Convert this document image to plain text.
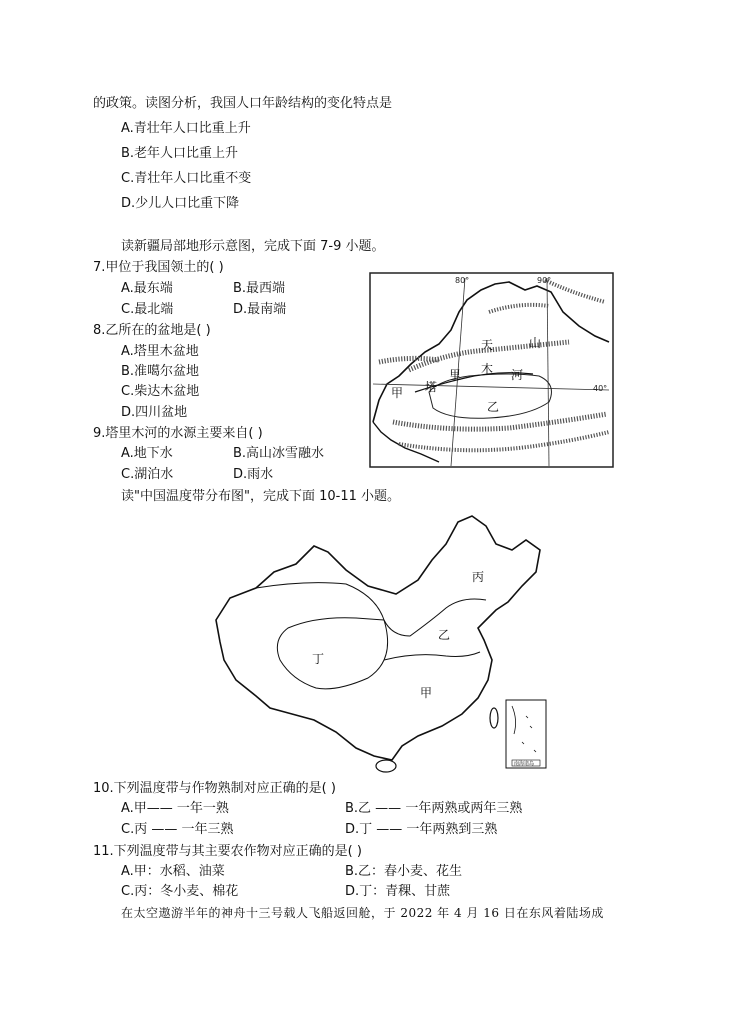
的政策。读图分析，我国人口年龄结构的变化特点是
A.青壮年人口比重上升
B.老年人口比重上升
C.青壮年人口比重不变
D.少儿人口比重下降
读新疆局部地形示意图，完成下面 7-9 小题。
7.甲位于我国领土的( )
A.最东端	B.最西端
C.最北端	D.最南端
8.乙所在的盆地是( )
A.塔里木盆地
B.准噶尔盆地
C.柴达木盆地
D.四川盆地
9.塔里木河的水源主要来自( )
A.地下水	B.高山冰雪融水
C.湖泊水	D.雨水
读"中国温度带分布图"，完成下面 10-11 小题。
80°	90°
40°
甲
乙
塔
里 木 河
天	山
丙
乙
丁
甲
南海诸岛
10.下列温度带与作物熟制对应正确的是( )
A.甲—— 一年一熟	B.乙 —— 一年两熟或两年三熟
C.丙 —— 一年三熟	D.丁 —— 一年两熟到三熟
11.下列温度带与其主要农作物对应正确的是( )
A.甲：水稻、油菜	B.乙：春小麦、花生
C.丙：冬小麦、棉花	D.丁：青稞、甘蔗
在太空遨游半年的神舟十三号载人飞船返回舱，于 2022 年 4 月 16 日在东风着陆场成
